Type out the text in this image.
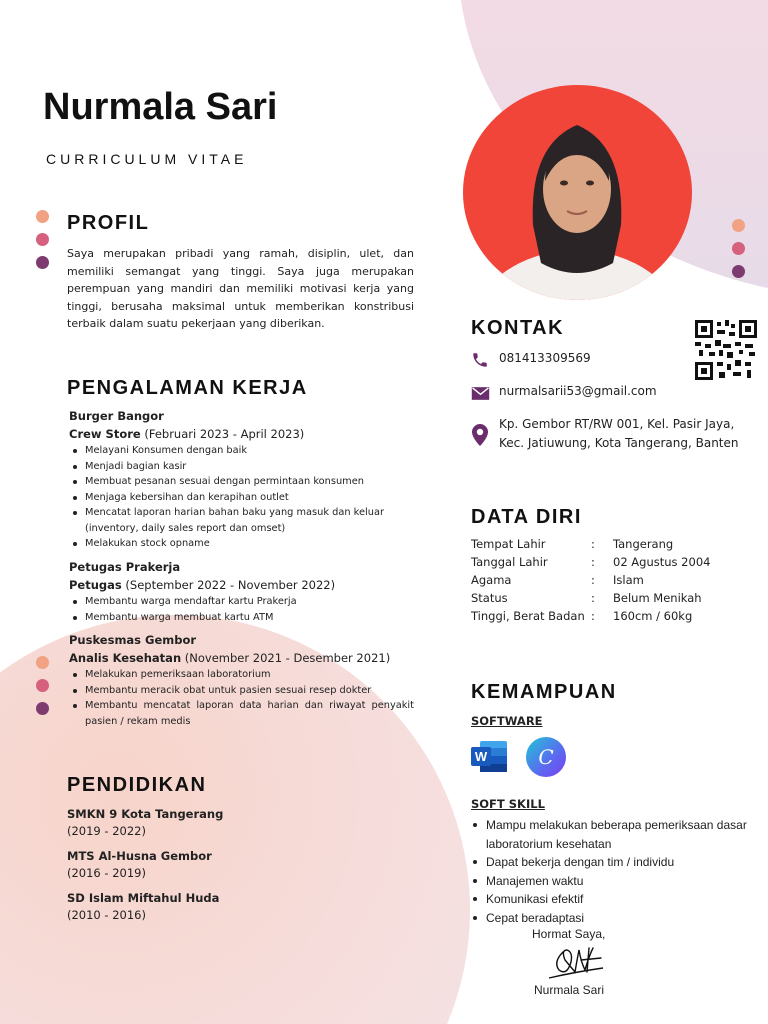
Nurmala Sari
CURRICULUM VITAE
PROFIL
Saya merupakan pribadi yang ramah, disiplin, ulet, dan memiliki semangat yang tinggi. Saya juga merupakan perempuan yang mandiri dan memiliki motivasi kerja yang tinggi, berusaha maksimal untuk memberikan konstribusi terbaik dalam suatu pekerjaan yang diberikan.
PENGALAMAN KERJA
Burger Bangor
Crew Store (Februari 2023 - April 2023)
Melayani Konsumen dengan baik
Menjadi bagian kasir
Membuat pesanan sesuai dengan permintaan konsumen
Menjaga kebersihan dan kerapihan outlet
Mencatat laporan harian bahan baku yang masuk dan keluar (inventory, daily sales report dan omset)
Melakukan stock opname
Petugas Prakerja
Petugas (September 2022 - November 2022)
Membantu warga mendaftar kartu Prakerja
Membantu warga membuat kartu ATM
Puskesmas Gembor
Analis Kesehatan (November 2021 - Desember 2021)
Melakukan pemeriksaan laboratorium
Membantu meracik obat untuk pasien sesuai resep dokter
Membantu mencatat laporan data harian dan riwayat penyakit pasien / rekam medis
PENDIDIKAN
SMKN 9 Kota Tangerang
(2019 - 2022)
MTS Al-Husna Gembor
(2016 - 2019)
SD Islam Miftahul Huda
(2010 - 2016)
KONTAK
081413309569
nurmalsarii53@gmail.com
Kp. Gembor RT/RW 001, Kel. Pasir Jaya,
Kec. Jatiuwung, Kota Tangerang, Banten
DATA DIRI
Tempat Lahir	:	Tangerang
Tanggal Lahir	:	02 Agustus 2004
Agama	:	Islam
Status	:	Belum Menikah
Tinggi, Berat Badan :	160cm / 60kg
KEMAMPUAN
SOFTWARE
W	C
SOFT SKILL
Mampu melakukan beberapa pemeriksaan dasar laboratorium kesehatan
Dapat bekerja dengan tim / individu
Manajemen waktu
Komunikasi efektif
Cepat beradaptasi
Hormat Saya,
Nurmala Sari
